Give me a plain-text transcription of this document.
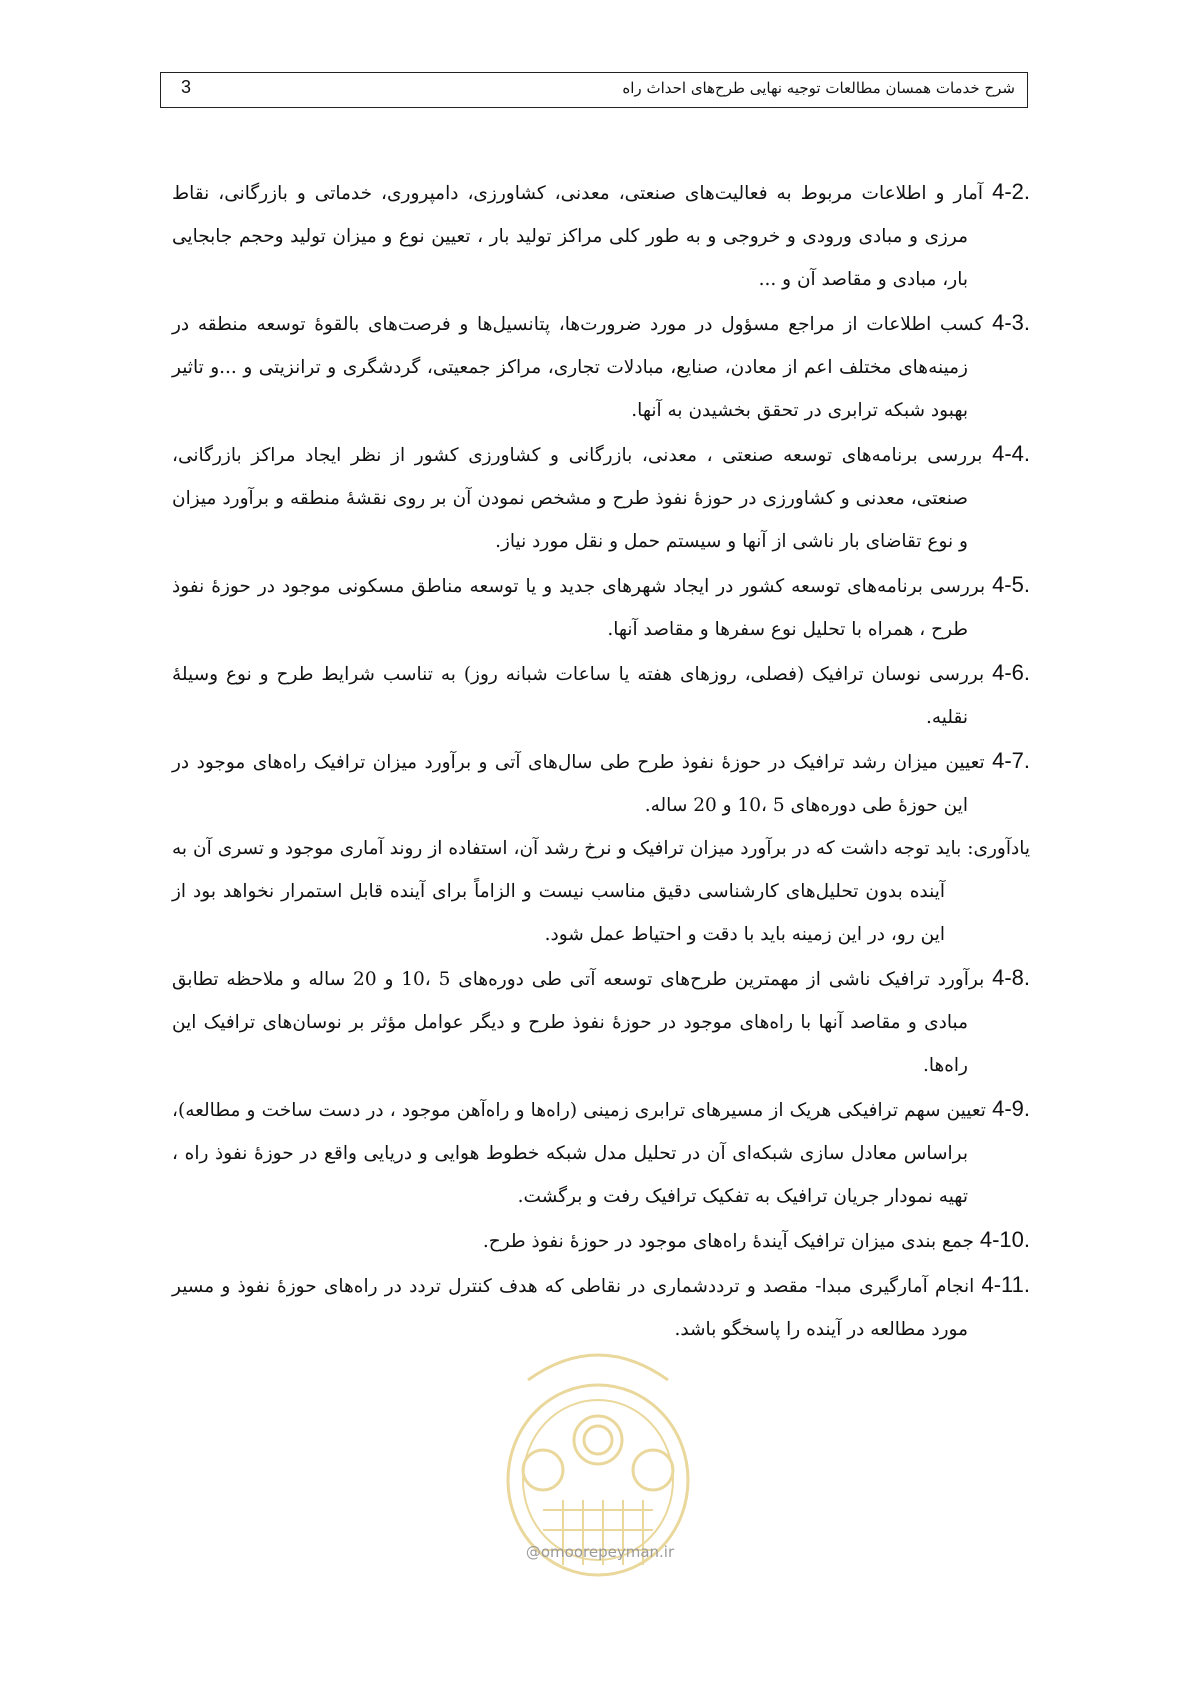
شرح خدمات همسان مطالعات توجیه نهایی طرح‌های احداث راه
3

4-2. آمار و اطلاعات مربوط به فعالیت‌های صنعتی، معدنی، کشاورزی، دامپروری، خدماتی و بازرگانی، نقاط مرزی و مبادی ورودی و خروجی و به طور کلی مراکز تولید بار ، تعیین نوع و میزان تولید وحجم جابجایی بار، مبادی و مقاصد آن و ...

4-3. کسب اطلاعات از مراجع مسؤول در مورد ضرورت‌ها، پتانسیل‌ها و فرصت‌های بالقوۀ توسعه منطقه در زمینه‌های مختلف اعم از معادن، صنایع، مبادلات تجاری، مراکز جمعیتی، گردشگری و ترانزیتی و ...و تاثیر بهبود شبکه ترابری در تحقق بخشیدن به آنها.

4-4. بررسی برنامه‌های توسعه صنعتی ، معدنی، بازرگانی و کشاورزی کشور از نظر ایجاد مراکز بازرگانی، صنعتی، معدنی و کشاورزی در حوزۀ نفوذ طرح و مشخص نمودن آن بر روی نقشۀ منطقه و برآورد میزان و نوع تقاضای بار ناشی از آنها و سیستم حمل و نقل مورد نیاز.

4-5. بررسی برنامه‌های توسعه کشور در ایجاد شهرهای جدید و یا توسعه مناطق مسکونی موجود در حوزۀ نفوذ طرح ، همراه با تحلیل نوع سفرها و مقاصد آنها.

4-6. بررسی نوسان ترافیک (فصلی، روزهای هفته یا ساعات شبانه روز) به تناسب شرایط طرح و نوع وسیلۀ نقلیه.

4-7. تعیین میزان رشد ترافیک در حوزۀ نفوذ طرح طی سال‌های آتی و برآورد میزان ترافیک راه‌های موجود در این حوزۀ طی دوره‌های 5 ،10 و 20 ساله.

یادآوری: باید توجه داشت که در برآورد میزان ترافیک و نرخ رشد آن، استفاده از روند آماری موجود و تسری آن به آینده بدون تحلیل‌های کارشناسی دقیق مناسب نیست و الزاماً برای آینده قابل استمرار نخواهد بود از این رو، در این زمینه باید با دقت و احتیاط عمل شود.

4-8. برآورد ترافیک ناشی از مهمترین طرح‌های توسعه آتی طی دوره‌های 5 ،10 و 20 ساله و ملاحظه تطابق مبادی و مقاصد آنها با راه‌های موجود در حوزۀ نفوذ طرح و دیگر عوامل مؤثر بر نوسان‌های ترافیک این راه‌ها.

4-9. تعیین سهم ترافیکی هریک از مسیرهای ترابری زمینی (راه‌ها و راه‌آهن موجود ، در دست ساخت و مطالعه)، براساس معادل سازی شبکه‌ای آن در تحلیل مدل شبکه خطوط هوایی و دریایی واقع در حوزۀ نفوذ راه ، تهیه نمودار جریان ترافیک به تفکیک ترافیک رفت و برگشت.

4-10. جمع بندی میزان ترافیک آیندۀ راه‌های موجود در حوزۀ نفوذ طرح.

4-11. انجام آمارگیری مبدا- مقصد و ترددشماری در نقاطی که هدف کنترل تردد در راه‌های حوزۀ نفوذ و مسیر مورد مطالعه در آینده را پاسخگو باشد.

@omoorepeyman.ir
